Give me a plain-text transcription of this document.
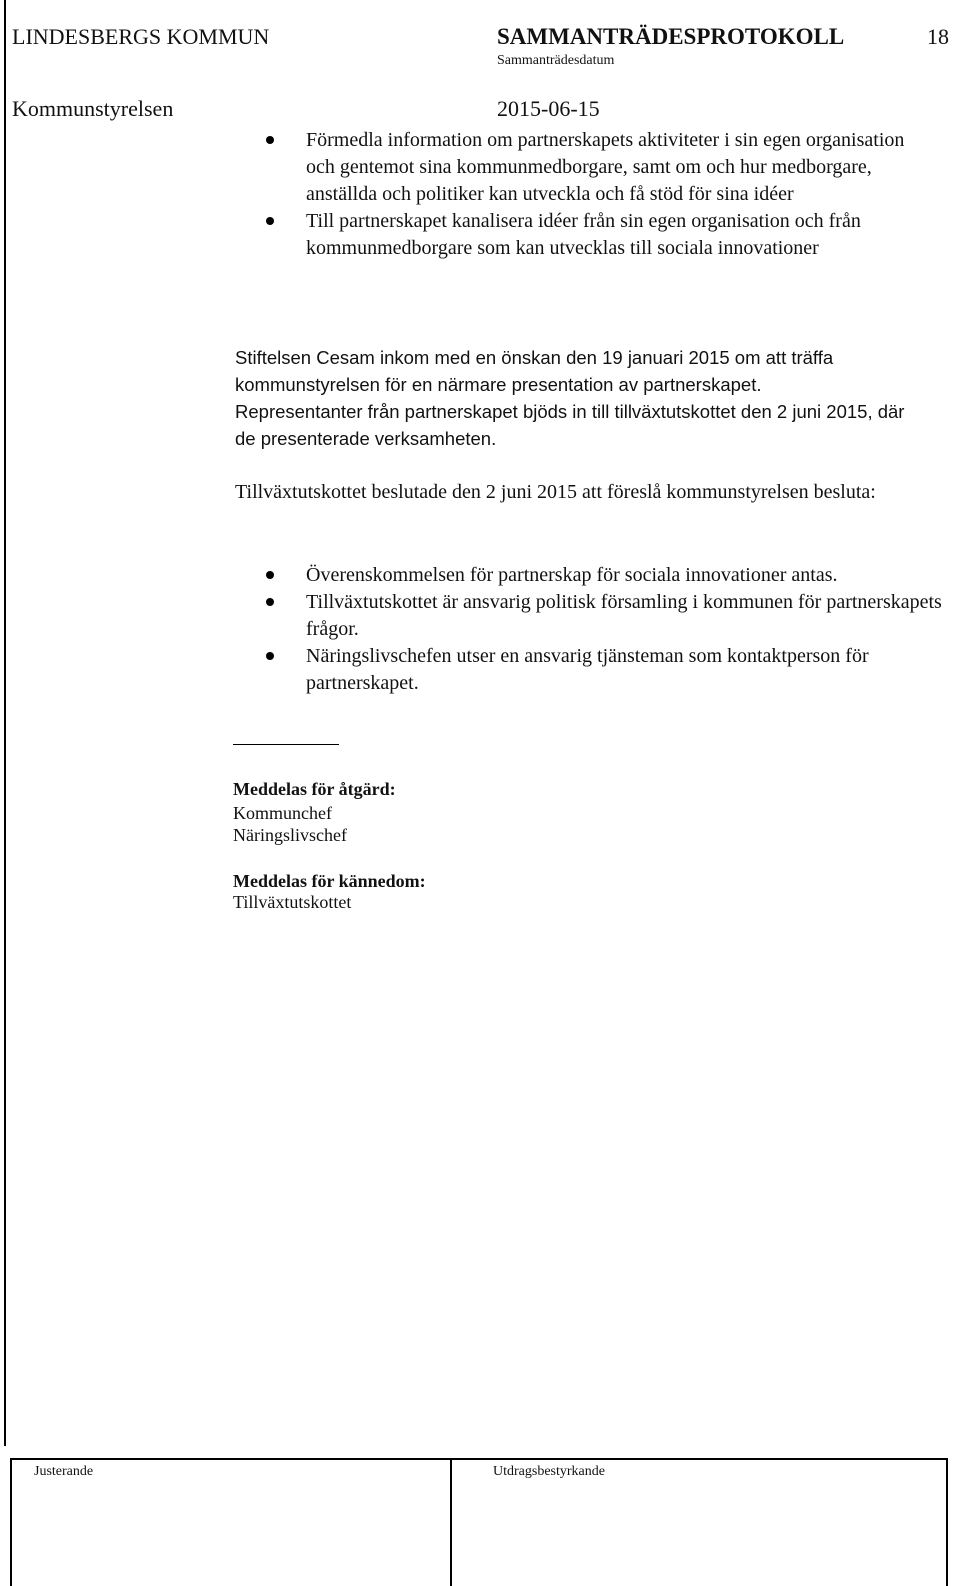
LINDESBERGS KOMMUN	SAMMANTRÄDESPROTOKOLL	18
Sammanträdesdatum
Kommunstyrelsen	2015-06-15
Förmedla information om partnerskapets aktiviteter i sin egen organisation och gentemot sina kommunmedborgare, samt om och hur medborgare, anställda och politiker kan utveckla och få stöd för sina idéer
Till partnerskapet kanalisera idéer från sin egen organisation och från kommunmedborgare som kan utvecklas till sociala innovationer
Stiftelsen Cesam inkom med en önskan den 19 januari 2015 om att träffa kommunstyrelsen för en närmare presentation av partnerskapet.
Representanter från partnerskapet bjöds in till tillväxtutskottet den 2 juni 2015, där de presenterade verksamheten.
Tillväxtutskottet beslutade den 2 juni 2015 att föreslå kommunstyrelsen besluta:
Överenskommelsen för partnerskap för sociala innovationer antas.
Tillväxtutskottet är ansvarig politisk församling i kommunen för partnerskapets frågor.
Näringslivschefen utser en ansvarig tjänsteman som kontaktperson för partnerskapet.
Meddelas för åtgärd:
Kommunchef
Näringslivschef
Meddelas för kännedom:
Tillväxtutskottet
Justerande	Utdragsbestyrkande
